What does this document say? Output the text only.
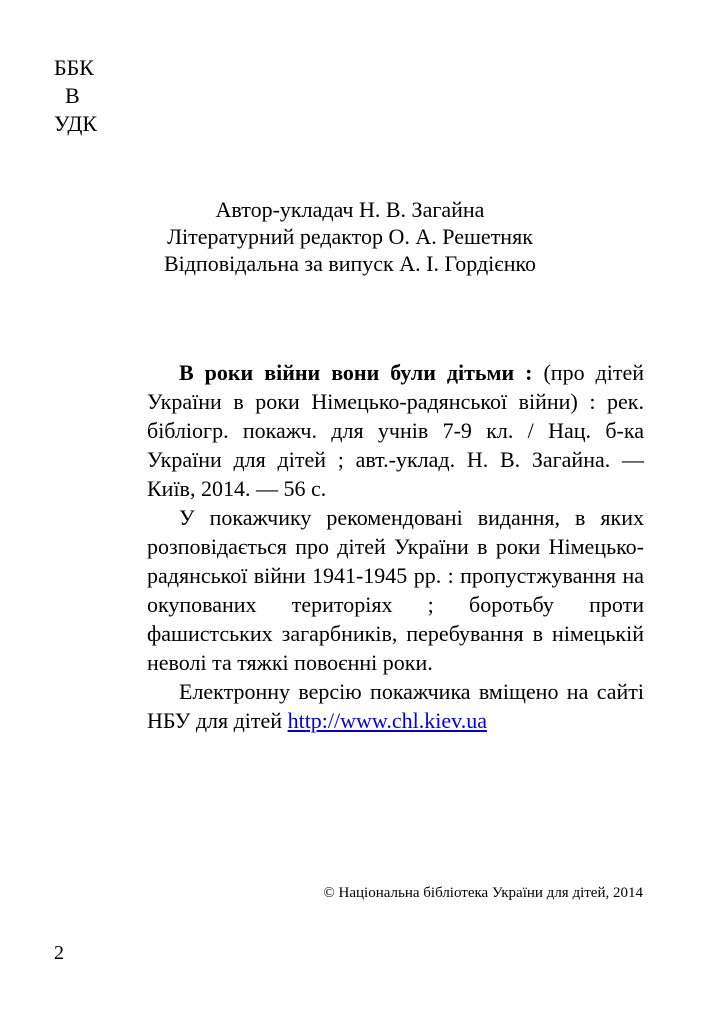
ББК
В
УДК
Автор-укладач Н. В. Загайна
Літературний редактор О. А. Решетняк
Відповідальна за випуск А. І. Гордієнко

В роки війни вони були дітьми : (про дітей України в роки Німецько-радянської війни) : рек. бібліогр. покажч. для учнів 7-9 кл. / Нац. б-ка України для дітей ; авт.-уклад. Н. В. Загайна. — Київ, 2014. — 56 с.

У покажчику рекомендовані видання, в яких розповідається про дітей України в роки Німецько-радянської війни 1941-1945 рр. : пропустжування на окупованих територіях ; боротьбу проти фашистських загарбників, перебування в німецькій неволі та тяжкі повоєнні роки.

Електронну версію покажчика вміщено на сайті НБУ для дітей http://www.chl.kiev.ua

© Національна бібліотека України для дітей, 2014
2
